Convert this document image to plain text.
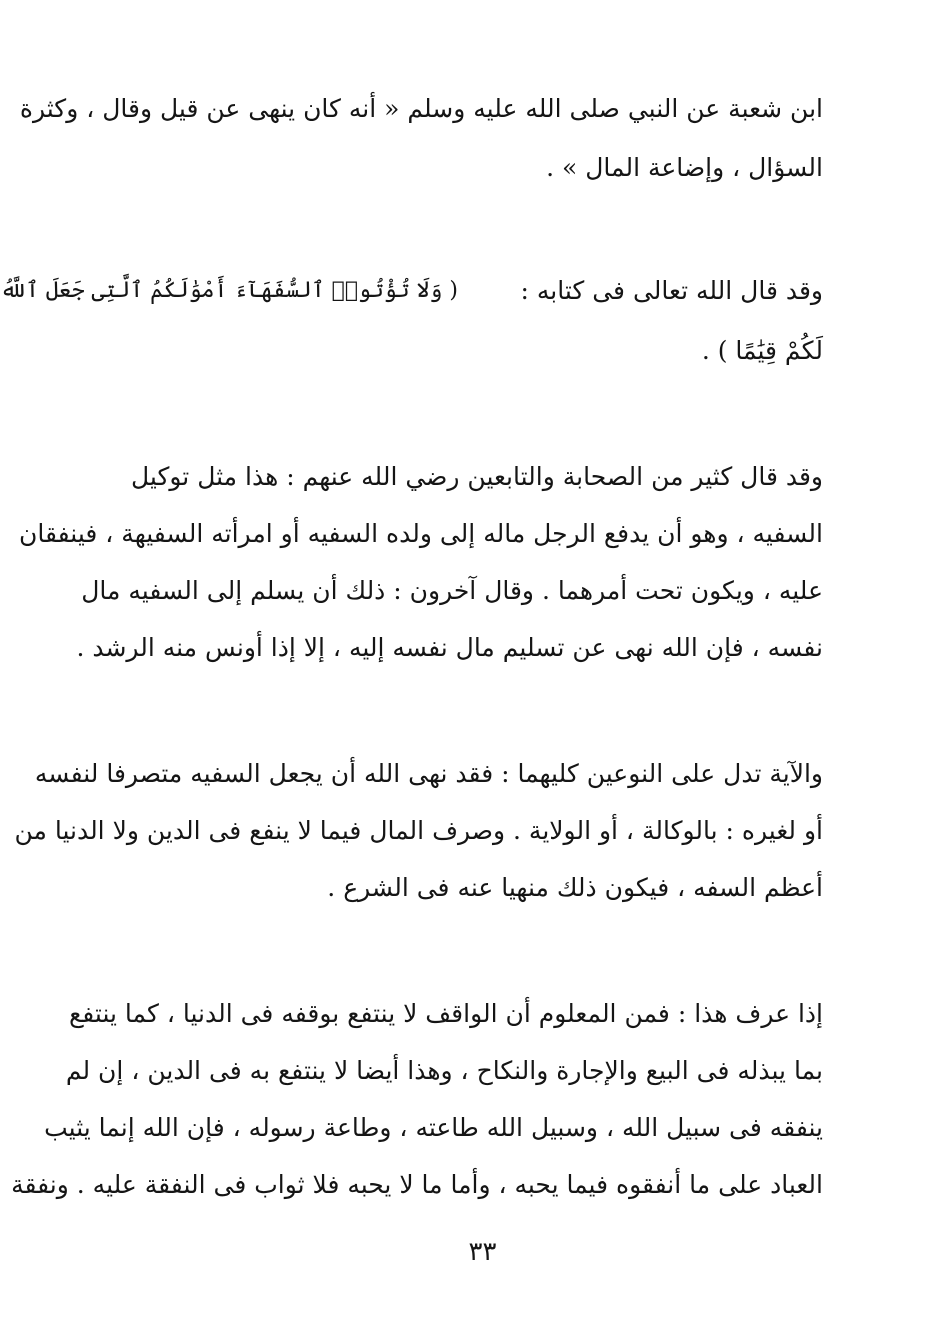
ابن شعبة عن النبي صلى الله عليه وسلم « أنه كان ينهى عن قيل وقال ، وكثرة
السؤال ، وإضاعة المال » .
وقد قال الله تعالى فى كتابه :
( وَلَا تُؤْتُوا۟ ٱلسُّفَهَآءَ أَمْوَٰلَكُمُ ٱلَّتِى جَعَلَ ٱللَّهُ
لَكُمْ قِيَٰمًا ) .
وقد قال كثير من الصحابة والتابعين رضي الله عنهم : هذا مثل توكيل
السفيه ، وهو أن يدفع الرجل ماله إلى ولده السفيه أو امرأته السفيهة ، فينفقان
عليه ، ويكون تحت أمرهما . وقال آخرون : ذلك أن يسلم إلى السفيه مال
نفسه ، فإن الله نهى عن تسليم مال نفسه إليه ، إلا إذا أونس منه الرشد .
والآية تدل على النوعين كليهما : فقد نهى الله أن يجعل السفيه متصرفا لنفسه
أو لغيره : بالوكالة ، أو الولاية . وصرف المال فيما لا ينفع فى الدين ولا الدنيا من
أعظم السفه ، فيكون ذلك منهيا عنه فى الشرع .
إذا عرف هذا : فمن المعلوم أن الواقف لا ينتفع بوقفه فى الدنيا ، كما ينتفع
بما يبذله فى البيع والإجارة والنكاح ، وهذا أيضا لا ينتفع به فى الدين ، إن لم
ينفقه فى سبيل الله ، وسبيل الله طاعته ، وطاعة رسوله ، فإن الله إنما يثيب
العباد على ما أنفقوه فيما يحبه ، وأما ما لا يحبه فلا ثواب فى النفقة عليه . ونفقة
٣٣
